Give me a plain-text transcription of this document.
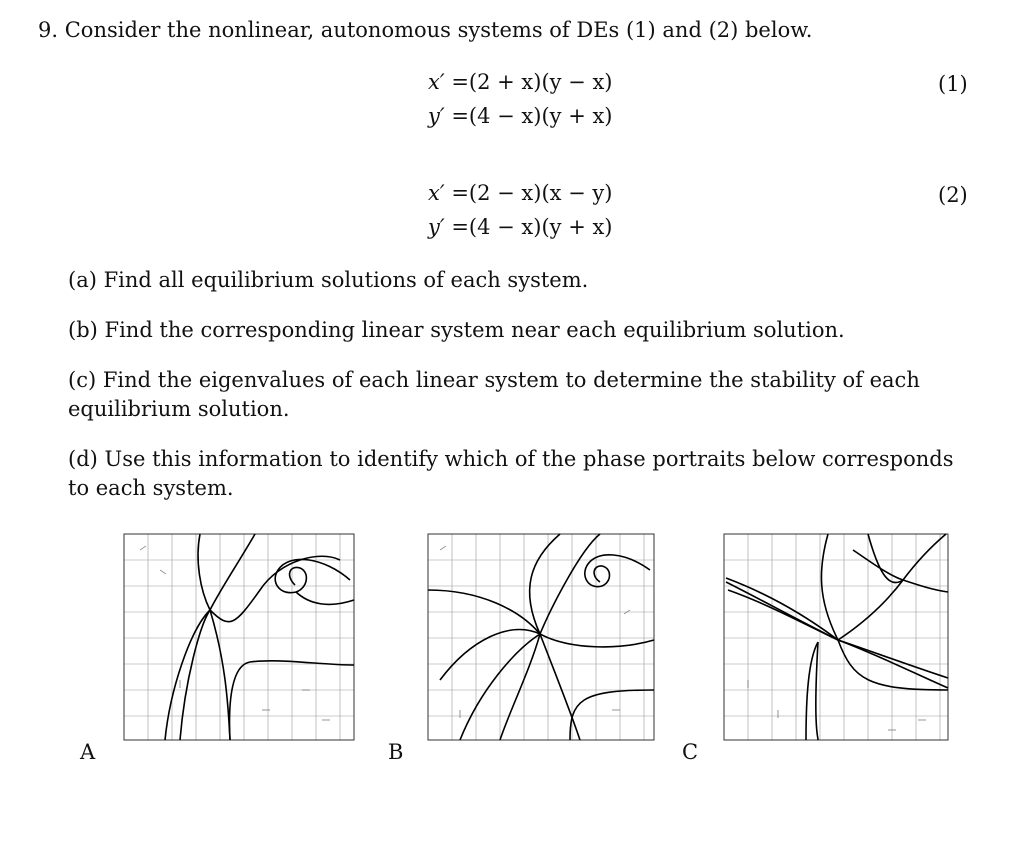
9. Consider the nonlinear, autonomous systems of DEs (1) and (2) below.
x′ =(2 + x)(y − x)
y′ =(4 − x)(y + x)
(1)
x′ =(2 − x)(x − y)
y′ =(4 − x)(y + x)
(2)
(a) Find all equilibrium solutions of each system.
(b) Find the corresponding linear system near each equilibrium solution.
(c) Find the eigenvalues of each linear system to determine the stability of each equilibrium solution.
(d) Use this information to identify which of the phase portraits below corresponds to each system.
A	B	C
